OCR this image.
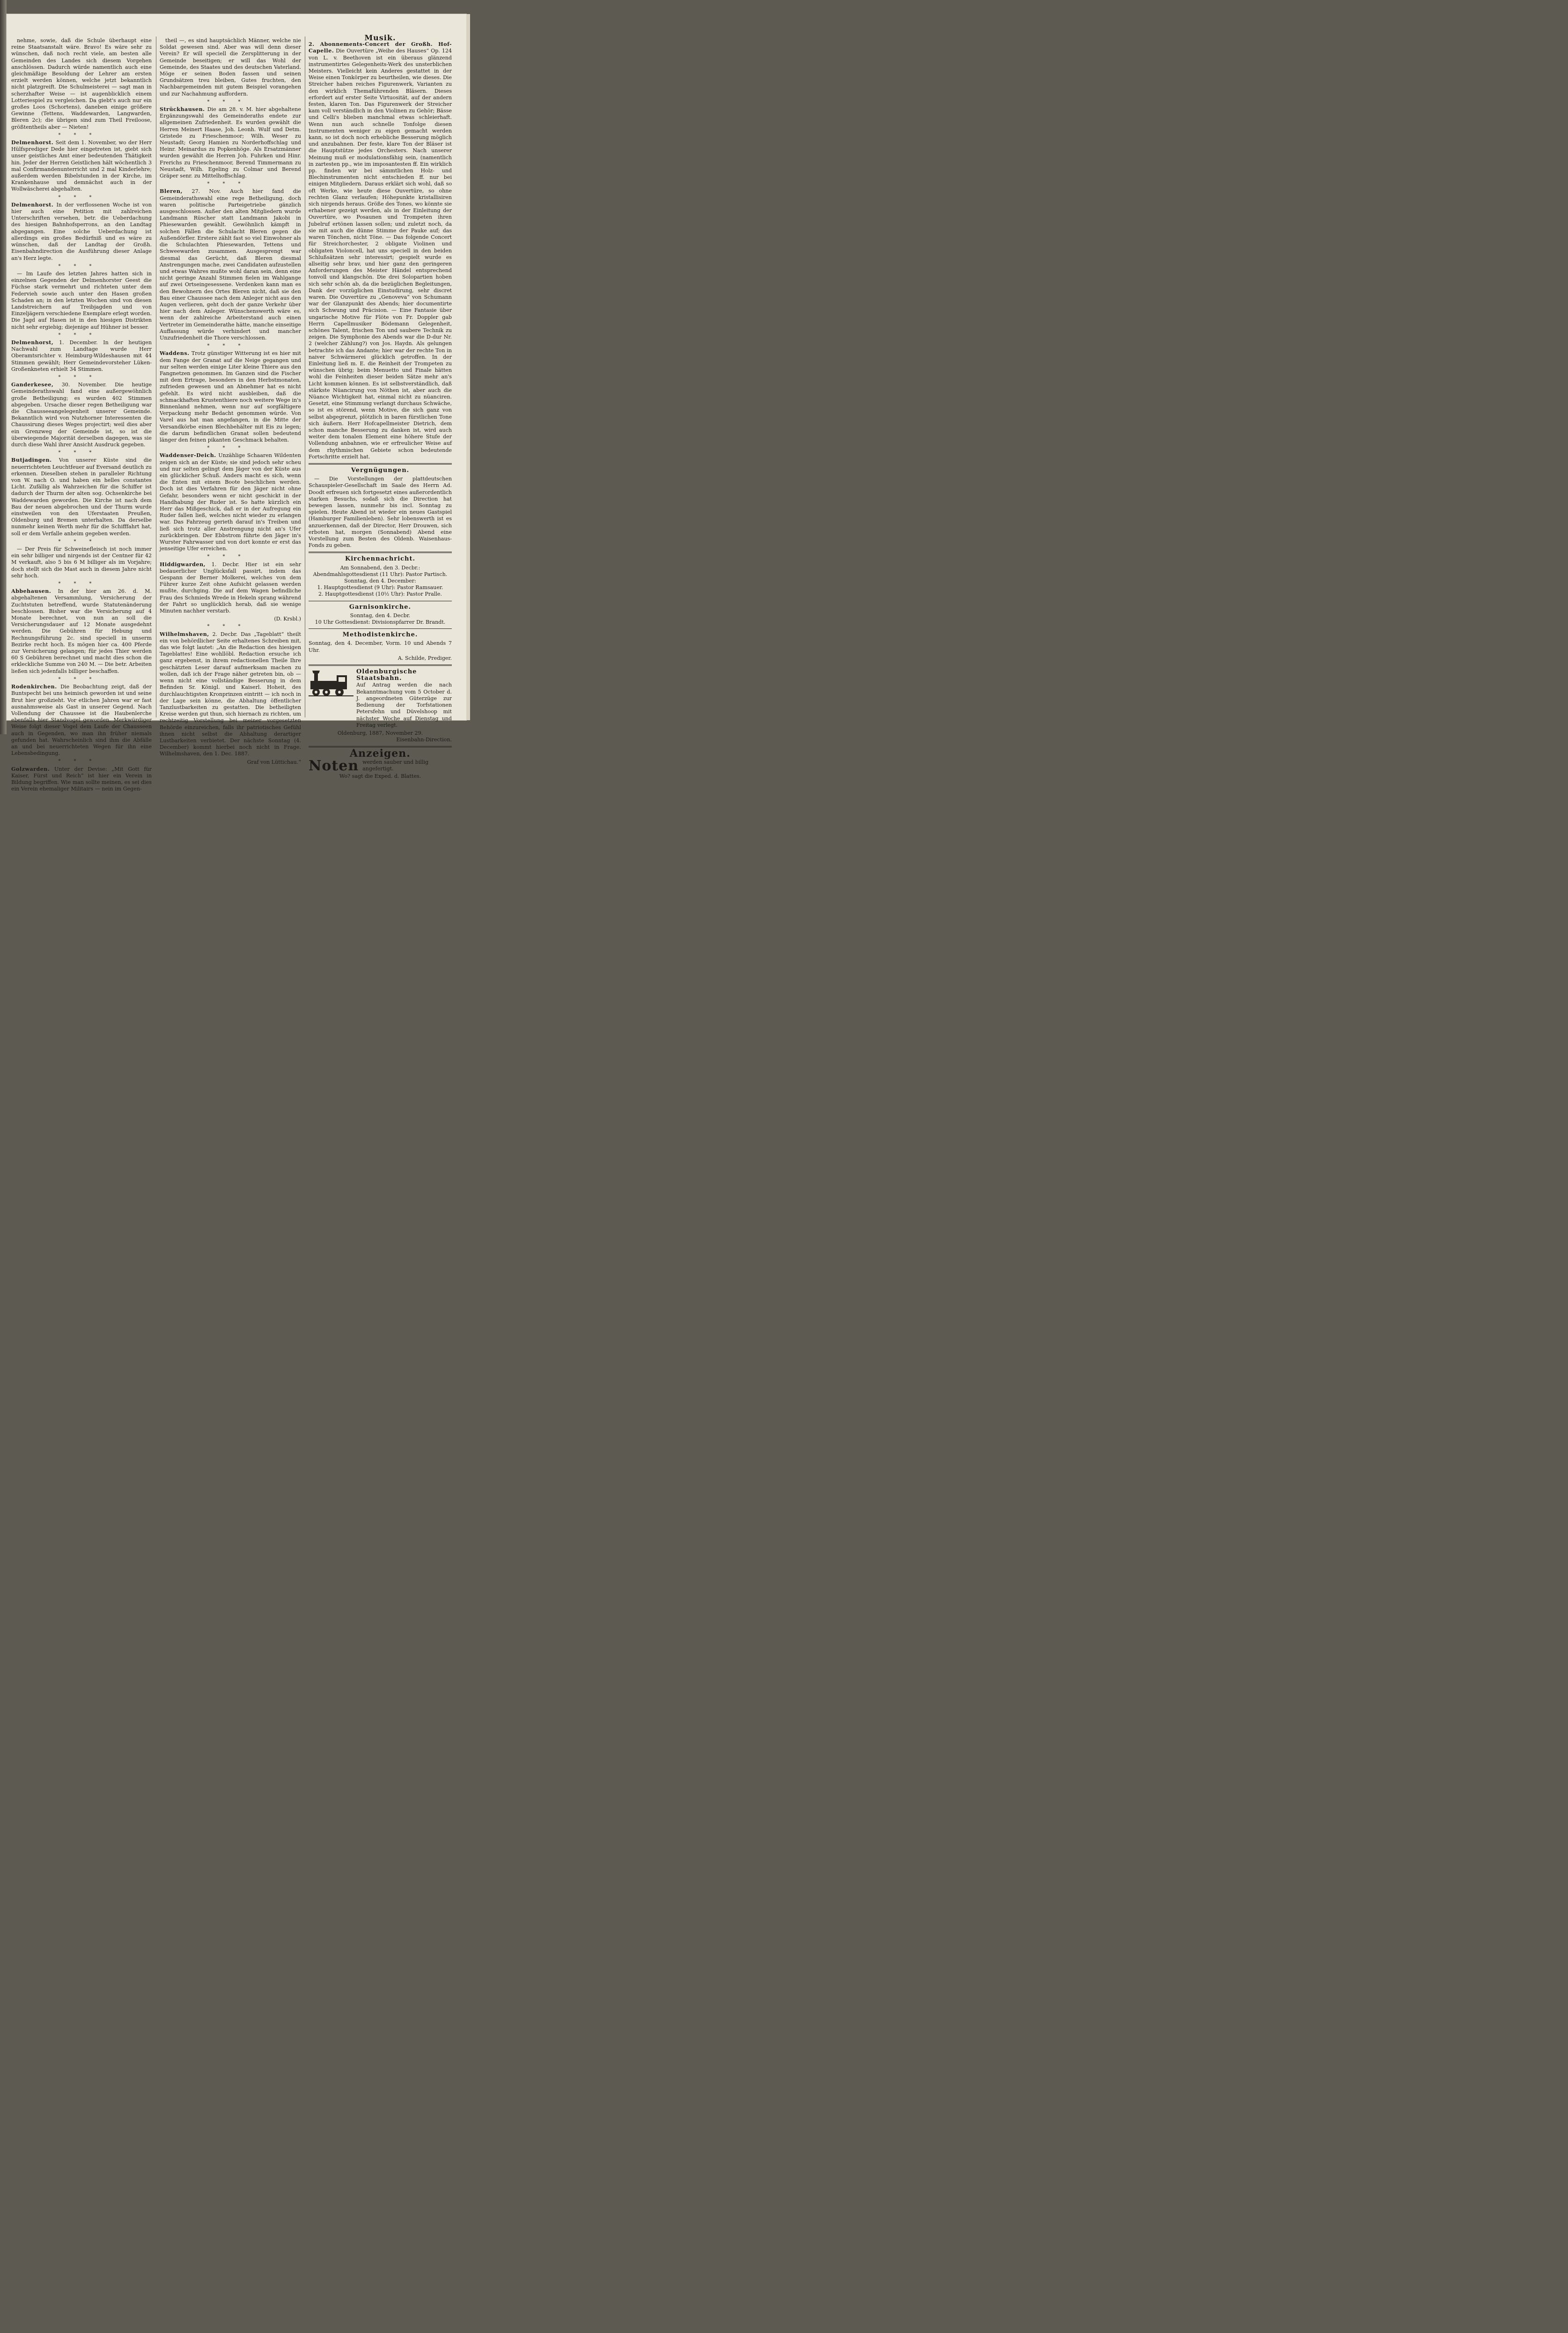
nehme, sowie, daß die Schule überhaupt eine reine Staatsanstalt wäre. Bravo! Es wäre sehr zu wünschen, daß noch recht viele, am besten alle Gemeinden des Landes sich diesem Vorgehen anschlössen. Dadurch würde namentlich auch eine gleichmäßige Besoldung der Lehrer am ersten erzielt werden können, welche jetzt bekanntlich nicht platzgreift. Die Schulmeisterei — sagt man in scherzhafter Weise — ist augenblicklich einem Lotteriespiel zu vergleichen. Da giebt's auch nur ein großes Loos (Schortens), daneben einige größere Gewinne (Tettens, Waddewarden, Langwarden, Bleren 2c); die übrigen sind zum Theil Freiloose, größtentheils aber — Nieten!

***

Delmenhorst. Seit dem 1. November, wo der Herr Hülfsprediger Dede hier eingetreten ist, giebt sich unser geistliches Amt einer bedeutenden Thätigkeit hin. Jeder der Herren Geistlichen hält wöchentlich 3 mal Confirmandenunterricht und 2 mal Kinderlehre; außerdem werden Bibelstunden in der Kirche, im Krankenhause und demnächst auch in der Wollwäscherei abgehalten.

***

Delmenhorst. In der verflossenen Woche ist von hier auch eine Petition mit zahlreichen Unterschriften versehen, betr. die Ueberdachung des hiesigen Bahnhofsperrons, an den Landtag abgegangen. Eine solche Ueberdachung ist allerdings ein großes Bedürfniß und es wäre zu wünschen, daß der Landtag der Großh. Eisenbahndirection die Ausführung dieser Anlage an's Herz legte.

***

— Im Laufe des letzten Jahres hatten sich in einzelnen Gegenden der Delmenhorster Geest die Füchse stark vermehrt und richteten unter dem Federvieh sowie auch unter den Hasen großen Schaden an; in den letzten Wochen sind von diesen Landstreichern auf Treibjagden und von Einzeljägern verschiedene Exemplare erlegt worden. Die Jagd auf Hasen ist in den hiesigen Distrikten nicht sehr ergiebig; diejenige auf Hühner ist besser.

***

Delmenhorst, 1. December. In der heutigen Nachwahl zum Landtage wurde Herr Oberamtsrichter v. Heimburg-Wildeshausen mit 44 Stimmen gewählt; Herr Gemeindevorsteher Lüken-Großenkneten erhielt 34 Stimmen.

***

Ganderkesee, 30. November. Die heutige Gemeinderathswahl fand eine außergewöhnlich große Betheiligung; es wurden 402 Stimmen abgegeben. Ursache dieser regen Betheiligung war die Chausseeangelegenheit unserer Gemeinde. Bekanntlich wird von Nutzhorner Interessenten die Chaussirung dieses Weges projectirt; weil dies aber ein Grenzweg der Gemeinde ist, so ist die überwiegende Majorität derselben dagegen, was sie durch diese Wahl ihrer Ansicht Ausdruck gegeben.

***

Butjadingen. Von unserer Küste sind die neuerrichteten Leuchtfeuer auf Eversand deutlich zu erkennen. Dieselben stehen in paralleler Richtung von W. nach O. und haben ein helles constantes Licht. Zufällig als Wahrzeichen für die Schiffer ist dadurch der Thurm der alten sog. Ochsenkirche bei Waddewarden geworden. Die Kirche ist nach dem Bau der neuen abgebrochen und der Thurm wurde einstweilen von den Uferstaaten Preußen, Oldenburg und Bremen unterhalten. Da derselbe nunmehr keinen Werth mehr für die Schifffahrt hat, soll er dem Verfalle anheim gegeben werden.

***

— Der Preis für Schweinefleisch ist noch immer ein sehr billiger und nirgends ist der Centner für 42 M verkauft, also 5 bis 6 M billiger als im Vorjahre; doch stellt sich die Mast auch in diesem Jahre nicht sehr hoch.

***

Abbehausen. In der hier am 26. d. M. abgehaltenen Versammlung, Versicherung der Zuchtstuten betreffend, wurde Statutenänderung beschlossen. Bisher war die Versicherung auf 4 Monate berechnet, von nun an soll die Versicherungsdauer auf 12 Monate ausgedehnt werden. Die Gebühren für Hebung und Rechnungsführung 2c. sind speciell in unserm Bezirke recht hoch. Es mögen hier ca. 400 Pferde zur Versicherung gelangen; für jedes Thier werden 60 S Gebühren berechnet und macht dies schon die erkleckliche Summe von 240 M. — Die betr. Arbeiten ließen sich jedenfalls billiger beschaffen.

***

Rodenkirchen. Die Beobachtung zeigt, daß der Buntspecht bei uns heimisch geworden ist und seine Brut hier großzieht. Vor etlichen Jahren war er fast ausnahmsweise als Gast in unserer Gegend. Nach Vollendung der Chaussee ist die Haubenlerche ebenfalls hier Standvogel geworden. Merkwürdiger Weise folgt dieser Vogel dem Laufe der Chausseen auch in Gegenden, wo man ihn früher niemals gefunden hat. Wahrscheinlich sind ihm die Abfälle an und bei neuerrichteten Wegen für ihn eine Lebensbedingung.

***

Golzwarden. Unter der Devise: „Mit Gott für Kaiser, Fürst und Reich“ ist hier ein Verein in Bildung begriffen. Wie man sollte meinen, es sei dies ein Verein ehemaliger Militairs — nein im Gegen-

theil —, es sind hauptsächlich Männer, welche nie Soldat gewesen sind. Aber was will denn dieser Verein? Er will speciell die Zersplitterung in der Gemeinde beseitigen; er will das Wohl der Gemeinde, des Staates und des deutschen Vaterland. Möge er seinen Boden fassen und seinen Grundsätzen treu bleiben, Gutes fruchten, den Nachbargemeinden mit gutem Beispiel vorangehen und zur Nachahmung auffordern.

***

Strückhausen. Die am 28. v. M. hier abgehaltene Ergänzungswahl des Gemeinderaths endete zur allgemeinen Zufriedenheit. Es wurden gewählt die Herren Meinert Haase, Joh. Leonh. Wulf und Detm. Gristede zu Frieschenmoor; Wilh. Weser zu Neustadt; Georg Hamien zu Norderhoffschlag und Heinr. Meinardus zu Popkenhöge. Als Ersatzmänner wurden gewählt die Herren Joh. Fuhrken und Hinr. Frerichs zu Frieschenmoor, Berend Timmermann zu Neustadt, Wilh. Egeling zu Colmar und Berend Gräper senr. zu Mittelhoffschlag.

***

Bleren, 27. Nov. Auch hier fand die Gemeinderathswahl eine rege Betheiligung, doch waren politische Parteigetriebe gänzlich ausgeschlossen. Außer den alten Mitgliedern wurde Landmann Rüscher statt Landmann Jakobi in Phiesewarden gewählt. Gewöhnlich kämpft in solchen Fällen die Schulacht Bleren gegen die Außendörfler. Erstere zählt fast so viel Einwohner als die Schulachten Phiesewarden, Tettens und Schweewarden zusammen. Ausgesprengt war diesmal das Gerücht, daß Bleren diesmal Anstrengungen mache, zwei Candidaten aufzustellen und etwas Wahres mußte wohl daran sein, denn eine nicht geringe Anzahl Stimmen fielen im Wahlgange auf zwei Ortseingesessene. Verdenken kann man es den Bewohnern des Ortes Bleren nicht, daß sie den Bau einer Chaussee nach dem Anleger nicht aus den Augen verlieren, geht doch der ganze Verkehr über hier nach dem Anleger. Wünschenswerth wäre es, wenn der zahlreiche Arbeiterstand auch einen Vertreter im Gemeinderathe hätte, manche einseitige Auffassung würde verhindert und mancher Unzufriedenheit die Thore verschlossen.

***

Waddens. Trotz günstiger Witterung ist es hier mit dem Fange der Granat auf die Neige gegangen und nur selten werden einige Liter kleine Thiere aus den Fangnetzen genommen. Im Ganzen sind die Fischer mit dem Ertrage, besonders in den Herbstmonaten, zufrieden gewesen und an Abnehmer hat es nicht gefehlt. Es wird nicht ausbleiben, daß die schmackhaften Krustenthiere noch weitere Wege in's Binnenland nehmen, wenn nur auf sorgfältigere Verpackung mehr Bedacht genommen würde. Von Varel aus hat man angefangen, in die Mitte der Versandkörbe einen Blechbehälter mit Eis zu legen; die darum befindlichen Granat sollen bedeutend länger den feinen pikanten Geschmack behalten.

***

Waddenser-Deich. Unzählige Schaaren Wildenten zeigen sich an der Küste; sie sind jedoch sehr scheu und nur selten gelingt dem Jäger von der Küste aus ein glücklicher Schuß. Anders macht es sich, wenn die Enten mit einem Boote beschlichen werden. Doch ist dies Verfahren für den Jäger nicht ohne Gefahr, besonders wenn er nicht geschickt in der Handhabung der Ruder ist. So hatte kürzlich ein Herr das Mißgeschick, daß er in der Aufregung ein Ruder fallen ließ, welches nicht wieder zu erlangen war. Das Fahrzeug gerieth darauf in's Treiben und ließ sich trotz aller Anstrengung nicht an's Ufer zurückbringen. Der Ebbstrom führte den Jäger in's Wurster Fahrwasser und von dort konnte er erst das jenseitige Ufer erreichen.

***

Hiddigwarden, 1. Decbr. Hier ist ein sehr bedauerlicher Unglücksfall passirt, indem das Gespann der Berner Molkerei, welches von dem Führer kurze Zeit ohne Aufsicht gelassen werden mußte, durchging. Die auf dem Wagen befindliche Frau des Schmieds Wrede in Hekeln sprang während der Fahrt so unglücklich herab, daß sie wenige Minuten nachher verstarb.

(D. Krsbl.)
***

Wilhelmshaven, 2. Decbr. Das „Tageblatt“ theilt ein von behördlicher Seite erhaltenes Schreiben mit, das wie folgt lautet: „An die Redaction des hiesigen Tageblattes! Eine wohllöbl. Redaction ersuche ich ganz ergebenst, in ihrem redactionellen Theile Ihre geschätzten Leser darauf aufmerksam machen zu wollen, daß ich der Frage näher getreten bin, ob — wenn nicht eine vollständige Besserung in dem Befinden Sr. Königl. und Kaiserl. Hoheit, des durchlauchtigsten Kronprinzen eintritt — ich noch in der Lage sein könne, die Abhaltung öffentlicher Tanzlustbarkeiten zu gestatten. Die betheiligten Kreise werden gut thun, sich hiernach zu richten, um rechtzeitig Vorstellung bei meiner vorgesetzten Behörde einzureichen, falls ihr patriotisches Gefühl ihnen nicht selbst die Abhaltung derartiger Lustbarkeiten verbietet. Der nächste Sonntag (4. December) kommt hierbei noch nicht in Frage. Wilhelmshaven, den 1. Dec. 1887.

Graf von Lüttichau.“
Musik.

2. Abonnements-Concert der Großh. Hof-Capelle. Die Ouvertüre „Weihe des Hauses“ Op. 124 von L. v. Beethoven ist ein überaus glänzend instrumentirtes Gelegenheits-Werk des unsterblichen Meisters. Vielleicht kein Anderes gestattet in der Weise einen Tonkörper zu beurtheilen, wie dieses. Die Streicher haben reiches Figurenwerk, Varianten zu den wirklich Themaführenden Bläsern. Dieses erfordert auf erster Seite Virtuosität, auf der andern festen, klaren Ton. Das Figurenwerk der Streicher kam voll verständlich in den Violinen zu Gehör; Bässe und Celli's blieben manchmal etwas schleierhaft. Wenn nun auch schnelle Tonfolge diesen Instrumenten weniger zu eigen gemacht werden kann, so ist doch noch erhebliche Besserung möglich und anzubahnen. Der feste, klare Ton der Bläser ist die Hauptstütze jedes Orchesters. Nach unserer Meinung muß er modulationsfähig sein, (namentlich in zartesten pp., wie im imposantesten ff. Ein wirklich pp. finden wir bei sämmtlichen Holz- und Blechinstrumenten nicht entschieden ff. nur bei einigen Mitgliedern. Daraus erklärt sich wohl, daß so oft Werke, wie heute diese Ouvertüre, so ohne rechten Glanz verlaufen; Höhepunkte kristallisiren sich nirgends heraus. Größe des Tones, wo könnte sie erhabener gezeigt werden, als in der Einleitung der Ouvertüre, wo Posaunen und Trompeten ihren Jubelruf ertönen lassen sollen; und zuletzt noch, da sie mit auch die dünne Stimme der Pauke auf; das waren Tönchen, nicht Töne. — Das folgende Concert für Streichorchester, 2 obligate Violinen und obligaten Violoncell, hat uns speciell in den beiden Schlußsätzen sehr interessirt; gespielt wurde es allseitig sehr brav, und hier ganz den geringeren Anforderungen des Meister Händel entsprechend tonvoll und klangschön. Die drei Solopartien hoben sich sehr schön ab, da die bezüglichen Begleitungen, Dank der vorzüglichen Einstudirung, sehr discret waren. Die Ouvertüre zu „Genoveva“ von Schumann war der Glanzpunkt des Abends; hier documentirte sich Schwung und Präcision. — Eine Fantasie über ungarische Motive für Flöte von Fr. Doppler gab Herrn Capellmusiker Bödemann Gelegenheit, schönes Talent, frischen Ton und saubere Technik zu zeigen. Die Symphonie des Abends war die D-dur Nr. 2 (welcher Zählung?) von Jos. Haydn. Als gelungen betrachte ich das Andante; hier war der rechte Ton in naiver Schwärmerei glücklich getroffen. In der Einleitung ließ m. E. die Reinheit der Trompeten zu wünschen übrig; beim Menuetto und Finale hätten wohl die Feinheiten dieser beiden Sätze mehr an's Licht kommen können. Es ist selbstverständlich, daß stärkste Nüancirung von Nöthen ist, aber auch die Nüance Wichtigkeit hat, einmal nicht zu nüanciren. Gesetzt, eine Stimmung verlangt durchaus Schwäche, so ist es störend, wenn Motive, die sich ganz von selbst abgegrenzt, plötzlich in baren fürstlichen Tone sich äußern. Herr Hofcapellmeister Dietrich, dem schon manche Besserung zu danken ist, wird auch weiter dem tonalen Element eine höhere Stufe der Vollendung anbahnen, wie er erfreulicher Weise auf dem rhythmischen Gebiete schon bedeutende Fortschritte erzielt hat.

Vergnügungen.

— Die Vorstellungen der plattdeutschen Schauspieler-Gesellschaft im Saale des Herrn Ad. Doodt erfreuen sich fortgesetzt eines außerordentlich starken Besuchs, sodaß sich die Direction hat bewegen lassen, nunmehr bis incl. Sonntag zu spielen. Heute Abend ist wieder ein neues Gastspiel (Hamburger Familienleben). Sehr lobenswerth ist es anzuerkennen, daß der Director, Herr Drouwen, sich erboten hat, morgen (Sonnabend) Abend eine Vorstellung zum Besten des Oldenb. Waisenhaus-Fonds zu geben.

Kirchennachricht.
Am Sonnabend, den 3. Decbr.:
Abendmahlsgottesdienst (11 Uhr): Pastor Partisch.
Sonntag, den 4. December:
1. Hauptgottesdienst (9 Uhr): Pastor Ramsauer.
2. Hauptgottesdienst (10½ Uhr): Pastor Pralle.
Garnisonkirche.
Sonntag, den 4. Decbr.
10 Uhr Gottesdienst: Divisionspfarrer Dr. Brandt.
Methodistenkirche.

Sonntag, den 4. December, Vorm. 10 und Abends 7 Uhr.

A. Schilde, Prediger.
Oldenburgische Staatsbahn.

Auf Antrag werden die nach Bekanntmachung vom 5 October d. J. angeordneten Güterzüge zur Bedienung der Torfstationen Petersfehn und Düvelshoop mit nächster Woche auf Dienstag und Freitag verlegt.

Oldenburg, 1887, November 29.
Eisenbahn-Direction.
Anzeigen.
Noten werden sauber und billig angefertigt.
Wo? sagt die Exped. d. Blattes.
